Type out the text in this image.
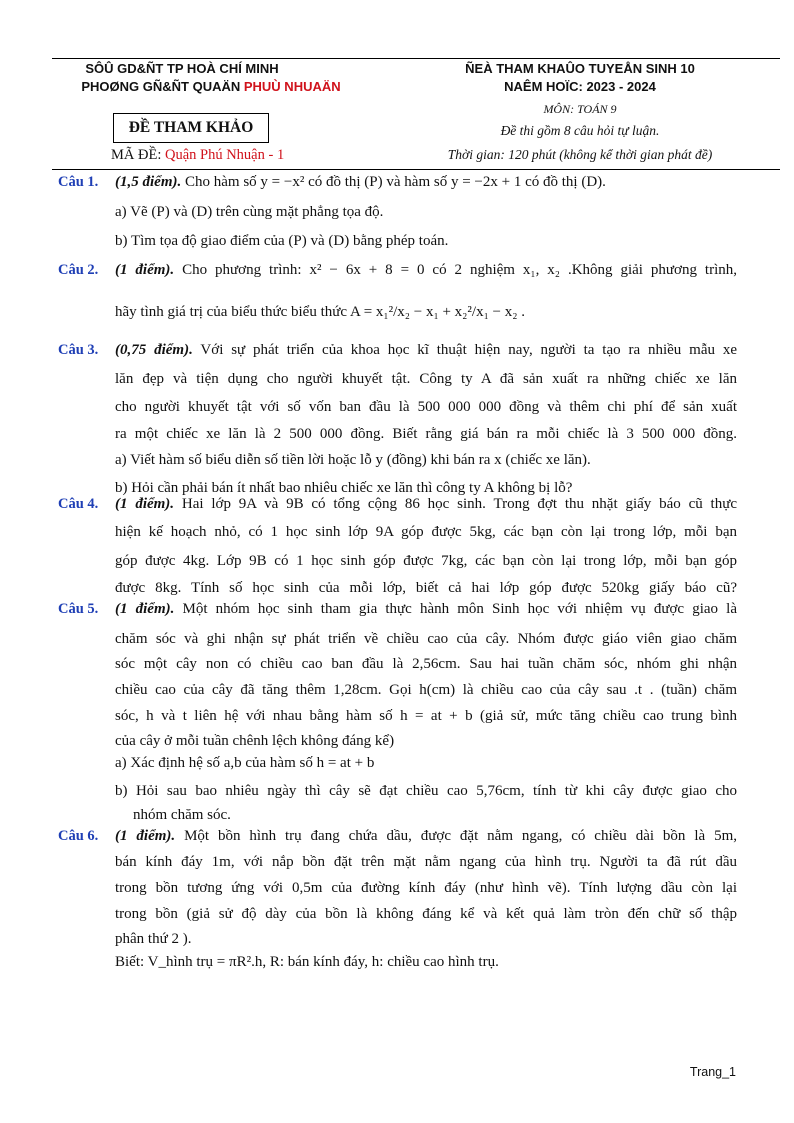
SÔÛ GD&ÑT TP HOÀ CHÍ MINH
PHOØNG GÑ&ÑT QUAÄN PHUÙ NHUAÄN
ÑEÀ THAM KHAÛO TUYEÅN SINH 10
NAÊM HOÏC: 2023 - 2024
MÔN: TOÁN 9
Đề thi gồm 8 câu hỏi tự luận.
Thời gian: 120 phút (không kể thời gian phát đề)
ĐỀ THAM KHẢO
MÃ ĐỀ: Quận Phú Nhuận - 1
Câu 1. (1,5 điểm). Cho hàm số y = −x² có đồ thị (P) và hàm số y = −2x + 1 có đồ thị (D).
a) Vẽ (P) và (D) trên cùng mặt phẳng tọa độ.
b) Tìm tọa độ giao điểm của (P) và (D) bằng phép toán.
Câu 2. (1 điểm). Cho phương trình: x² − 6x + 8 = 0 có 2 nghiệm x₁, x₂ .Không giải phương trình,
hãy tình giá trị của biểu thức biểu thức A = x₁²/x₂ − x₁ + x₂²/x₁ − x₂ .
Câu 3. (0,75 điểm). Với sự phát triển của khoa học kĩ thuật hiện nay, người ta tạo ra nhiều mẫu xe
lăn đẹp và tiện dụng cho người khuyết tật. Công ty A đã sản xuất ra những chiếc xe lăn
cho người khuyết tật với số vốn ban đầu là 500 000 000 đồng và thêm chi phí để sản xuất
ra một chiếc xe lăn là 2 500 000 đồng. Biết rằng giá bán ra mỗi chiếc là 3 500 000 đồng.
a) Viết hàm số biểu diễn số tiền lời hoặc lỗ y (đồng) khi bán ra x (chiếc xe lăn).
b) Hỏi cần phải bán ít nhất bao nhiêu chiếc xe lăn thì công ty A không bị lỗ?
Câu 4. (1 điểm). Hai lớp 9A và 9B có tổng cộng 86 học sinh. Trong đợt thu nhặt giấy báo cũ thực
hiện kế hoạch nhỏ, có 1 học sinh lớp 9A góp được 5kg, các bạn còn lại trong lớp, mỗi bạn
góp được 4kg. Lớp 9B có 1 học sinh góp được 7kg, các bạn còn lại trong lớp, mỗi bạn góp
được 8kg. Tính số học sinh của mỗi lớp, biết cả hai lớp góp được 520kg giấy báo cũ?
Câu 5. (1 điểm). Một nhóm học sinh tham gia thực hành môn Sinh học với nhiệm vụ được giao là
chăm sóc và ghi nhận sự phát triển về chiều cao của cây. Nhóm được giáo viên giao chăm
sóc một cây non có chiều cao ban đầu là 2,56cm. Sau hai tuần chăm sóc, nhóm ghi nhận
chiều cao của cây đã tăng thêm 1,28cm. Gọi h(cm) là chiều cao của cây sau .t . (tuần) chăm
sóc, h và t liên hệ với nhau bằng hàm số h = at + b (giả sử, mức tăng chiều cao trung bình
của cây ở mỗi tuần chênh lệch không đáng kể)
a) Xác định hệ số a,b của hàm số h = at + b
b) Hỏi sau bao nhiêu ngày thì cây sẽ đạt chiều cao 5,76cm, tính từ khi cây được giao cho
nhóm chăm sóc.
Câu 6. (1 điểm). Một bồn hình trụ đang chứa dầu, được đặt nằm ngang, có chiều dài bồn là 5m,
bán kính đáy 1m, với nắp bồn đặt trên mặt nằm ngang của hình trụ. Người ta đã rút dầu
trong bồn tương ứng với 0,5m của đường kính đáy (như hình vẽ). Tính lượng dầu còn lại
trong bồn (giả sử độ dày của bồn là không đáng kể và kết quả làm tròn đến chữ số thập
phân thứ 2 ).
Biết: V_hình trụ = πR².h, R: bán kính đáy, h: chiều cao hình trụ.
Trang_1
